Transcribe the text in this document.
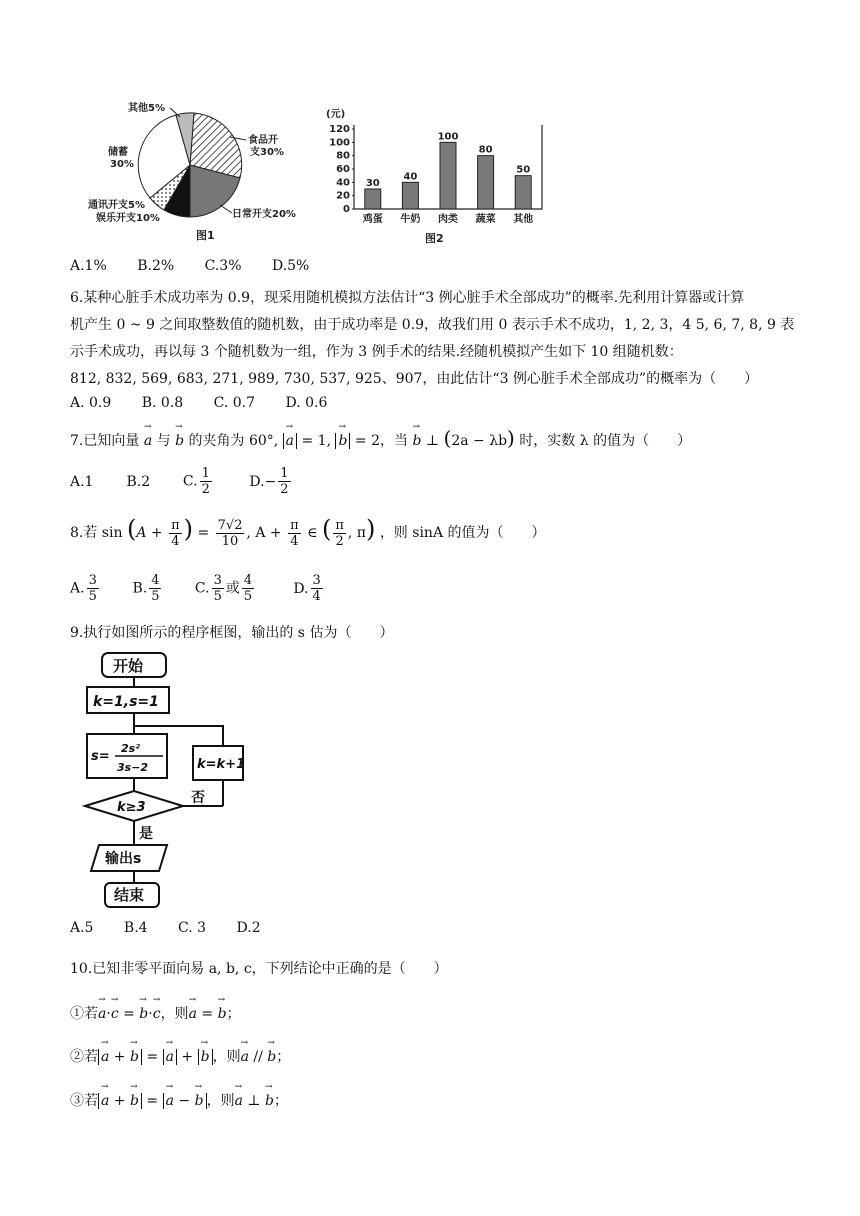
其他5%
储蓄
30%
食品开
支30%
日常开支20%
通讯开支5%
娱乐开支10%
图1
(元)
120
100
80
60
40
20
0
30
鸡蛋
40
牛奶
100
肉类
80
蔬菜
50
其他
图2
A.1% B.2% C.3% D.5%
6.某种心脏手术成功率为 0.9，现采用随机模拟方法估计“3 例心脏手术全部成功”的概率.先利用计算器或计算
机产生 0 ~ 9 之间取整数值的随机数，由于成功率是 0.9，故我们用 0 表示手术不成功，1, 2, 3，4 5, 6, 7, 8, 9 表
示手术成功，再以每 3 个随机数为一组，作为 3 例手术的结果.经随机模拟产生如下 10 组随机数：
812, 832, 569, 683, 271, 989, 730, 537, 925、907，由此估计“3 例心脏手术全部成功”的概率为（　　）
A. 0.9 B. 0.8 C. 0.7 D. 0.6
7.已知向量 → a 与 → b 的夹角为 60°, → a = 1, → b = 2，当 → b ⊥ (2a − λb) 时，实数 λ 的值为（　　）
A.1 B.2 C. $\frac{1}{2}$	$D.- \frac{1}{2}$
8.若 $\sin (A + \frac{\pi}{4}$ ) = $\frac{7√2}{10}$ , $A + \frac{\pi}{4}$ ∈ ( $\frac{\pi}{2}$ , π) ，则 sinA 的值为（　　）
A. $\frac{3}{5} B$. $\frac{4}{5} C$. $\frac{3}{5}$ 或 $\frac{4}{5}$	D. $\frac{3}{4}$
9.执行如图所示的程序框图，输出的 s 估为（　　）
开始
k=1,s=1
s=
2s²
3s−2	k=k+1
k≥3
否
是
输出s
结束
A.5 B.4 C. 3 D.2
10.已知非零平面向易 a, b, c，下列结论中正确的是（　　）
①若→ a·→ c = → b·→ c，则→ a = → b；
②若 → a + → b = → a + → b ，则→ a // → b；
③若 → a + → b = → a − → b ，则→ a ⊥ → b；
